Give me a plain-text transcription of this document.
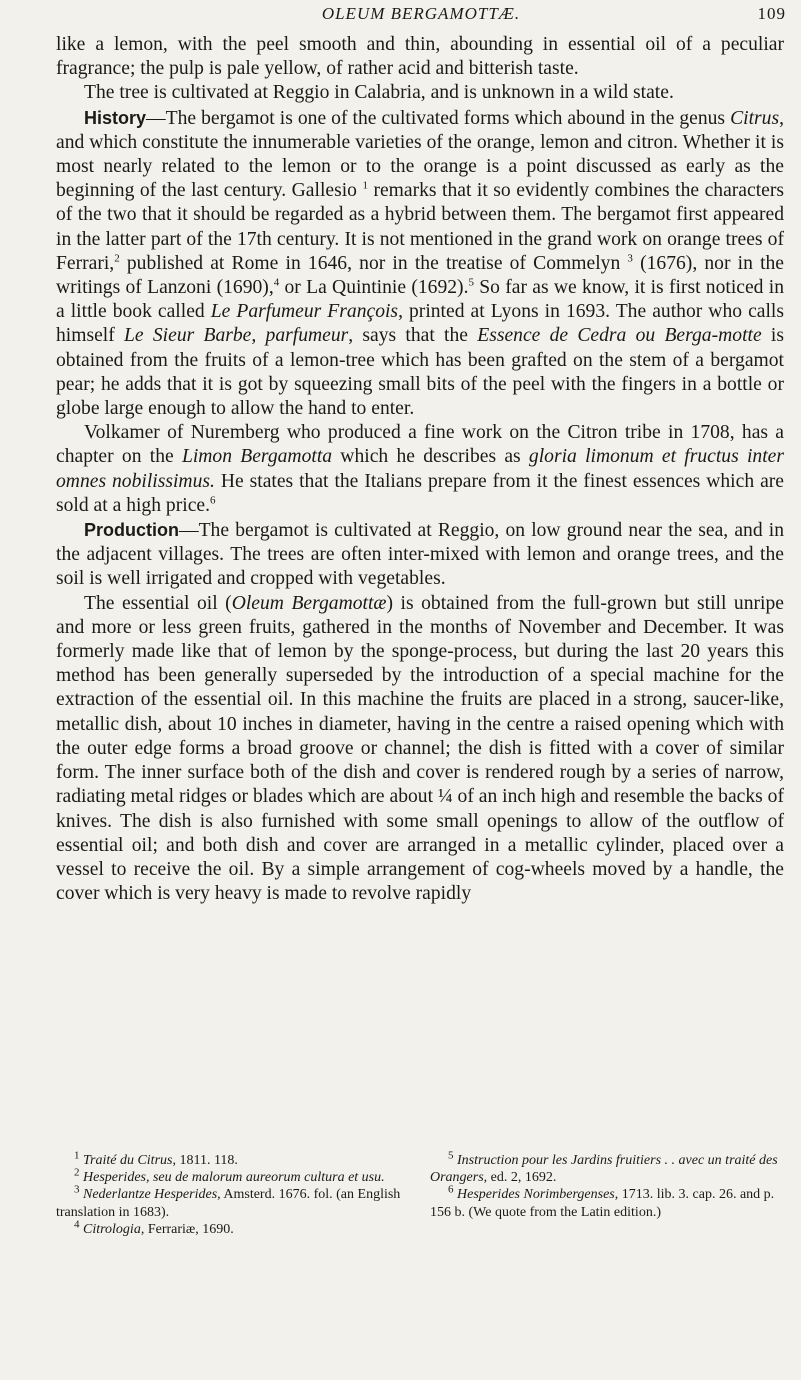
OLEUM BERGAMOTTÆ.	109

like a lemon, with the peel smooth and thin, abounding in essential oil of a peculiar fragrance; the pulp is pale yellow, of rather acid and bitterish taste.

The tree is cultivated at Reggio in Calabria, and is unknown in a wild state.

History—The bergamot is one of the cultivated forms which abound in the genus Citrus, and which constitute the innumerable varieties of the orange, lemon and citron. Whether it is most nearly related to the lemon or to the orange is a point discussed as early as the beginning of the last century. Gallesio $^1$ remarks that it so evidently combines the characters of the two that it should be regarded as a hybrid between them. The bergamot first appeared in the latter part of the 17th century. It is not mentioned in the grand work on orange trees of Ferrari,$^2$ published at Rome in 1646, nor in the treatise of Commelyn $^3$ (1676), nor in the writings of Lanzoni (1690),$^4$ or La Quintinie (1692).$^5$ So far as we know, it is first noticed in a little book called Le Parfumeur François, printed at Lyons in 1693. The author who calls himself Le Sieur Barbe, parfumeur, says that the Essence de Cedra ou Berga-motte is obtained from the fruits of a lemon-tree which has been grafted on the stem of a bergamot pear; he adds that it is got by squeezing small bits of the peel with the fingers in a bottle or globe large enough to allow the hand to enter.

Volkamer of Nuremberg who produced a fine work on the Citron tribe in 1708, has a chapter on the Limon Bergamotta which he describes as gloria limonum et fructus inter omnes nobilissimus. He states that the Italians prepare from it the finest essences which are sold at a high price.$^6$

Production—The bergamot is cultivated at Reggio, on low ground near the sea, and in the adjacent villages. The trees are often inter-mixed with lemon and orange trees, and the soil is well irrigated and cropped with vegetables.

The essential oil (Oleum Bergamottæ) is obtained from the full-grown but still unripe and more or less green fruits, gathered in the months of November and December. It was formerly made like that of lemon by the sponge-process, but during the last 20 years this method has been generally superseded by the introduction of a special machine for the extraction of the essential oil. In this machine the fruits are placed in a strong, saucer-like, metallic dish, about 10 inches in diameter, having in the centre a raised opening which with the outer edge forms a broad groove or channel; the dish is fitted with a cover of similar form. The inner surface both of the dish and cover is rendered rough by a series of narrow, radiating metal ridges or blades which are about ¼ of an inch high and resemble the backs of knives. The dish is also furnished with some small openings to allow of the outflow of essential oil; and both dish and cover are arranged in a metallic cylinder, placed over a vessel to receive the oil. By a simple arrangement of cog-wheels moved by a handle, the cover which is very heavy is made to revolve rapidly

$^1$ Traité du Citrus, 1811. 118.

$^2$ Hesperides, seu de malorum aureorum cultura et usu.

$^3$ Nederlantze Hesperides, Amsterd. 1676. fol. (an English translation in 1683).

$^4$ Citrologia, Ferrariæ, 1690.

$^5$ Instruction pour les Jardins fruitiers . . avec un traité des Orangers, ed. 2, 1692.

$^6$ Hesperides Norimbergenses, 1713. lib. 3. cap. 26. and p. 156 b. (We quote from the Latin edition.)
